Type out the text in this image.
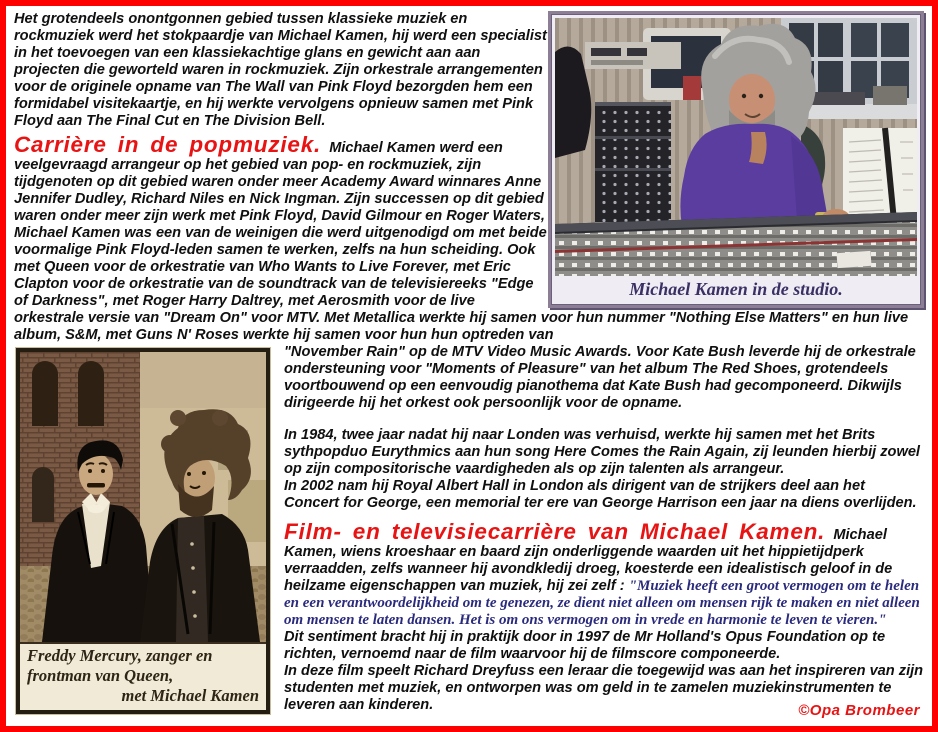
Michael Kamen in de studio.

Het grotendeels onontgonnen gebied tussen klassieke muziek en rockmuziek werd het stokpaardje van Michael Kamen, hij werd een specialist in het toevoegen van een klassiekachtige glans en gewicht aan aan projecten die geworteld waren in rockmuziek. Zijn orkestrale arrangementen voor de originele opname van The Wall van Pink Floyd bezorgden hem een formidabel visitekaartje, en hij werkte vervolgens opnieuw samen met Pink Floyd aan The Final Cut en The Division Bell.

Carrière in de popmuziek. Michael Kamen werd een veelgevraagd arrangeur op het gebied van pop- en rockmuziek, zijn tijdgenoten op dit gebied waren onder meer Academy Award winnares Anne Jennifer Dudley, Richard Niles en Nick Ingman. Zijn successen op dit gebied waren onder meer zijn werk met Pink Floyd, David Gilmour en Roger Waters, Michael Kamen was een van de weinigen die werd uitgenodigd om met beide voormalige Pink Floyd-leden samen te werken, zelfs na hun scheiding. Ook met Queen voor de orkestratie van Who Wants to Live Forever, met Eric Clapton voor de orkestratie van de soundtrack van de televisiereeks "Edge of Darkness", met Roger Harry Daltrey, met Aerosmith voor de live orkestrale versie van "Dream On" voor MTV. Met Metallica werkte hij samen voor hun nummer "Nothing Else Matters" en hun live album, S&M, met Guns N' Roses werkte hij samen voor hun hun optreden van

Freddy Mercury, zanger en
frontman van Queen,
met Michael Kamen

"November Rain" op de MTV Video Music Awards. Voor Kate Bush leverde hij de orkestrale ondersteuning voor "Moments of Pleasure" van het album The Red Shoes, grotendeels voortbouwend op een eenvoudig pianothema dat Kate Bush had gecomponeerd. Dikwijls dirigeerde hij het orkest ook persoonlijk voor de opname.

In 1984, twee jaar nadat hij naar Londen was verhuisd, werkte hij samen met het Brits sythpopduo Eurythmics aan hun song Here Comes the Rain Again, zij leunden hierbij zowel op zijn compositorische vaardigheden als op zijn talenten als arrangeur.

In 2002 nam hij Royal Albert Hall in London als dirigent van de strijkers deel aan het Concert for George, een memorial ter ere van George Harrison een jaar na diens overlijden.

Film- en televisiecarrière van Michael Kamen. Michael Kamen, wiens kroeshaar en baard zijn onderliggende waarden uit het hippietijdperk verraadden, zelfs wanneer hij avondkledij droeg, koesterde een idealistisch geloof in de heilzame eigenschappen van muziek, hij zei zelf : "Muziek heeft een groot vermogen om te helen en een verantwoordelijkheid om te genezen, ze dient niet alleen om mensen rijk te maken en niet alleen om mensen te laten dansen. Het is om ons vermogen om in vrede en harmonie te leven te vieren."

Dit sentiment bracht hij in praktijk door in 1997 de Mr Holland's Opus Foundation op te richten, vernoemd naar de film waarvoor hij de filmscore componeerde.

In deze film speelt Richard Dreyfuss een leraar die toegewijd was aan het inspireren van zijn studenten met muziek, en ontworpen was om geld in te zamelen muziekinstrumenten te leveren aan kinderen.	©Opa Brombeer
